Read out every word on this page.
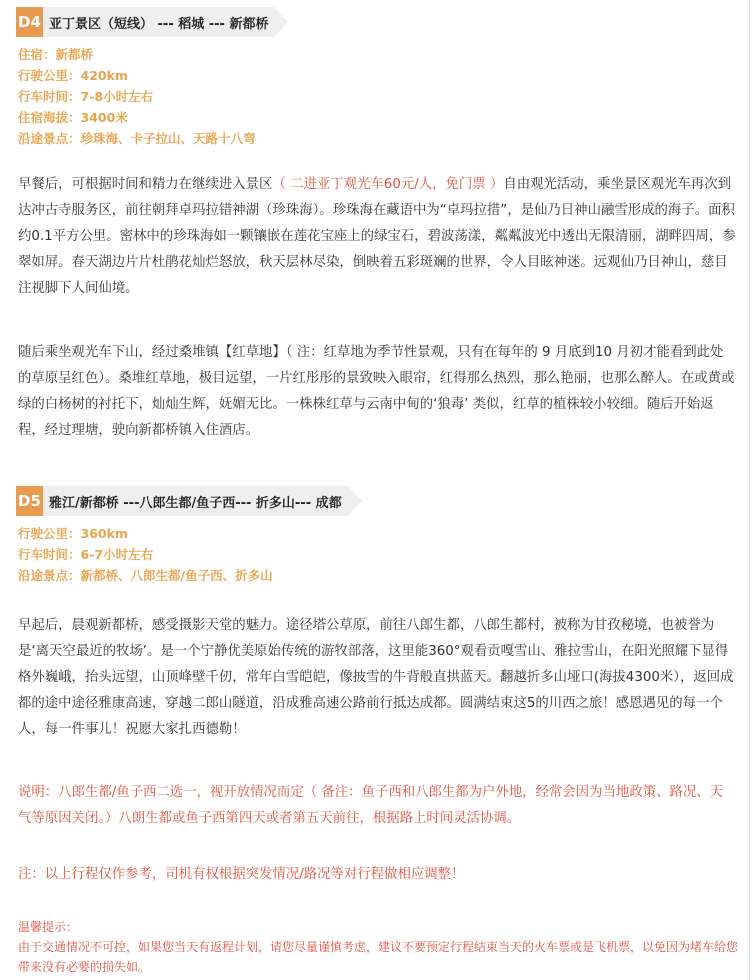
D4 亚丁景区（短线） --- 稻城 --- 新都桥
住宿：新都桥
行驶公里：420km
行车时间：7-8小时左右
住宿海拔：3400米
沿途景点：珍珠海、卡子拉山、天路十八弯

早餐后，可根据时间和精力在继续进入景区（ 二进亚丁观光车60元/人，免门票 ）自由观光活动，乘坐景区观光车再次到达冲古寺服务区，前往朝拜卓玛拉错神湖（珍珠海）。珍珠海在藏语中为“卓玛拉措”，是仙乃日神山融雪形成的海子。面积约0.1平方公里。密林中的珍珠海如一颗镶嵌在莲花宝座上的绿宝石，碧波荡漾，粼粼波光中透出无限清丽，湖畔四周，参翠如屏。春天湖边片片杜鹃花灿烂怒放，秋天层林尽染，倒映着五彩斑斓的世界，令人目眩神迷。远观仙乃日神山，慈目注视脚下人间仙境。

随后乘坐观光车下山，经过桑堆镇【红草地】（ 注：红草地为季节性景观，只有在每年的 9 月底到10 月初才能看到此处的草原呈红色）。桑堆红草地，极目远望，一片红彤彤的景致映入眼帘，红得那么热烈，那么艳丽，也那么醉人。在或黄或绿的白杨树的衬托下，灿灿生辉，妩媚无比。一株株红草与云南中甸的‘狼毒’ 类似，红草的植株较小较细。随后开始返程，经过理塘，驶向新都桥镇入住酒店。

D5 雅江/新都桥 ---八郎生都/鱼子西--- 折多山--- 成都
行驶公里：360km
行车时间：6-7小时左右
沿途景点：新都桥、八郎生都/鱼子西、折多山

早起后，晨观新都桥，感受摄影天堂的魅力。途径塔公草原，前往八郎生都，八郎生都村，被称为甘孜秘境，也被誉为是‘离天空最近的牧场’。是一个宁静优美原始传统的游牧部落，这里能360°观看贡嘎雪山、雅拉雪山，在阳光照耀下显得格外巍峨，抬头远望，山顶峰壁千仞，常年白雪皑皑，像披雪的牛背般直拱蓝天。翻越折多山垭口(海拔4300米），返回成都的途中途径雅康高速，穿越二郎山隧道，沿成雅高速公路前行抵达成都。圆满结束这5的川西之旅！感恩遇见的每一个人，每一件事儿！祝愿大家扎西德勒！

说明：八郎生都/鱼子西二选一，视开放情况而定（ 备注：鱼子西和八郎生都为户外地，经常会因为当地政策、路况、天气等原因关闭。）八朗生都或鱼子西第四天或者第五天前往，根据路上时间灵活协调。

注：以上行程仅作参考，司机有权根据突发情况/路况等对行程做相应调整！

温馨提示：
由于交通情况不可控，如果您当天有返程计划，请您尽量谨慎考虑，建议不要预定行程结束当天的火车票或是飞机票，以免因为堵车给您带来没有必要的损失如。
